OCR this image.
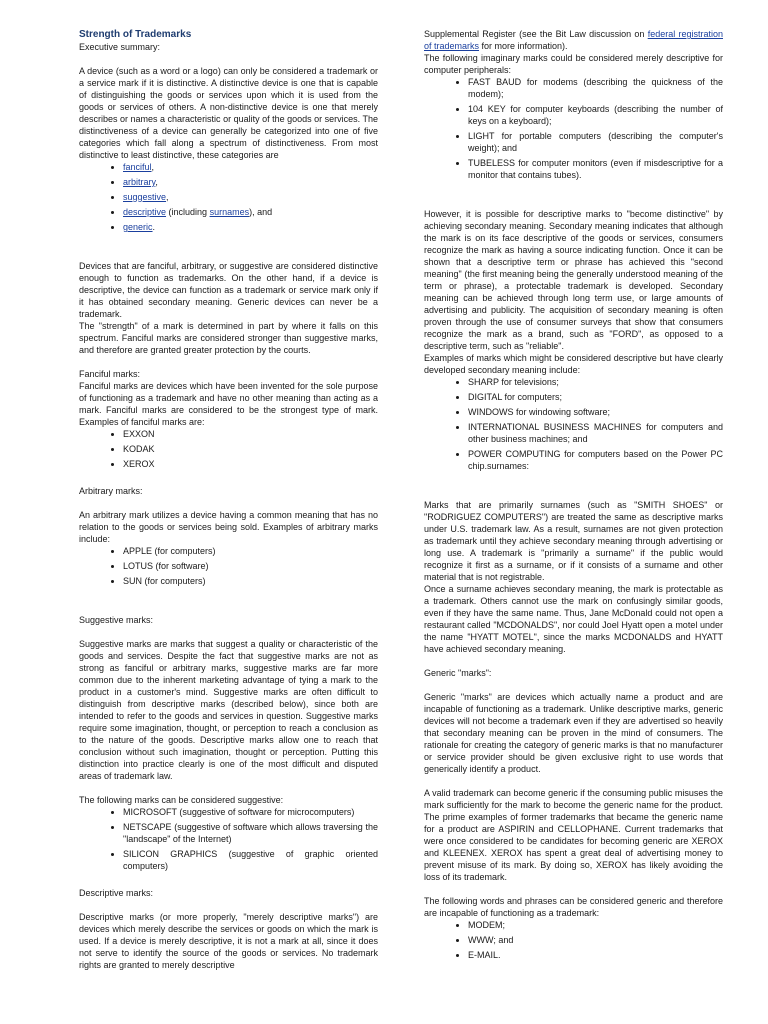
Strength of Trademarks

Executive summary:

A device (such as a word or a logo) can only be considered a trademark or a service mark if it is distinctive. A distinctive device is one that is capable of distinguishing the goods or services upon which it is used from the goods or services of others. A non-distinctive device is one that merely describes or names a characteristic or quality of the goods or services. The distinctiveness of a device can generally be categorized into one of five categories which fall along a spectrum of distinctiveness. From most distinctive to least distinctive, these categories are

• fanciful,
• arbitrary,
• suggestive,
• descriptive (including surnames), and
• generic.

Devices that are fanciful, arbitrary, or suggestive are considered distinctive enough to function as trademarks. On the other hand, if a device is descriptive, the device can function as a trademark or service mark only if it has obtained secondary meaning. Generic devices can never be a trademark.

The "strength" of a mark is determined in part by where it falls on this spectrum. Fanciful marks are considered stronger than suggestive marks, and therefore are granted greater protection by the courts.

Fanciful marks:

Fanciful marks are devices which have been invented for the sole purpose of functioning as a trademark and have no other meaning than acting as a mark. Fanciful marks are considered to be the strongest type of mark. Examples of fanciful marks are:

• EXXON
• KODAK
• XEROX

Arbitrary marks:

An arbitrary mark utilizes a device having a common meaning that has no relation to the goods or services being sold. Examples of arbitrary marks include:

• APPLE (for computers)
• LOTUS (for software)
• SUN (for computers)

Suggestive marks:

Suggestive marks are marks that suggest a quality or characteristic of the goods and services. Despite the fact that suggestive marks are not as strong as fanciful or arbitrary marks, suggestive marks are far more common due to the inherent marketing advantage of tying a mark to the product in a customer's mind. Suggestive marks are often difficult to distinguish from descriptive marks (described below), since both are intended to refer to the goods and services in question. Suggestive marks require some imagination, thought, or perception to reach a conclusion as to the nature of the goods. Descriptive marks allow one to reach that conclusion without such imagination, thought or perception. Putting this distinction into practice clearly is one of the most difficult and disputed areas of trademark law.

The following marks can be considered suggestive:

• MICROSOFT (suggestive of software for microcomputers)
• NETSCAPE (suggestive of software which allows traversing the "landscape" of the Internet)
• SILICON GRAPHICS (suggestive of graphic oriented computers)

Descriptive marks:

Descriptive marks (or more properly, "merely descriptive marks") are devices which merely describe the services or goods on which the mark is used. If a device is merely descriptive, it is not a mark at all, since it does not serve to identify the source of the goods or services. No trademark rights are granted to merely descriptive

Supplemental Register (see the Bit Law discussion on federal registration of trademarks for more information).

The following imaginary marks could be considered merely descriptive for computer peripherals:

• FAST BAUD for modems (describing the quickness of the modem);
• 104 KEY for computer keyboards (describing the number of keys on a keyboard);
• LIGHT for portable computers (describing the computer's weight); and
• TUBELESS for computer monitors (even if misdescriptive for a monitor that contains tubes).

However, it is possible for descriptive marks to "become distinctive" by achieving secondary meaning. Secondary meaning indicates that although the mark is on its face descriptive of the goods or services, consumers recognize the mark as having a source indicating function. Once it can be shown that a descriptive term or phrase has achieved this "second meaning" (the first meaning being the generally understood meaning of the term or phrase), a protectable trademark is developed. Secondary meaning can be achieved through long term use, or large amounts of advertising and publicity. The acquisition of secondary meaning is often proven through the use of consumer surveys that show that consumers recognize the mark as a brand, such as "FORD", as opposed to a descriptive term, such as "reliable".

Examples of marks which might be considered descriptive but have clearly developed secondary meaning include:

• SHARP for televisions;
• DIGITAL for computers;
• WINDOWS for windowing software;
• INTERNATIONAL BUSINESS MACHINES for computers and other business machines; and
• POWER COMPUTING for computers based on the Power PC chip.surnames:

Marks that are primarily surnames (such as "SMITH SHOES" or "RODRIGUEZ COMPUTERS") are treated the same as descriptive marks under U.S. trademark law. As a result, surnames are not given protection as trademark until they achieve secondary meaning through advertising or long use. A trademark is "primarily a surname" if the public would recognize it first as a surname, or if it consists of a surname and other material that is not registrable.

Once a surname achieves secondary meaning, the mark is protectable as a trademark. Others cannot use the mark on confusingly similar goods, even if they have the same name. Thus, Jane McDonald could not open a restaurant called "MCDONALDS", nor could Joel Hyatt open a motel under the name "HYATT MOTEL", since the marks MCDONALDS and HYATT have achieved secondary meaning.

Generic "marks":

Generic "marks" are devices which actually name a product and are incapable of functioning as a trademark. Unlike descriptive marks, generic devices will not become a trademark even if they are advertised so heavily that secondary meaning can be proven in the mind of consumers. The rationale for creating the category of generic marks is that no manufacturer or service provider should be given exclusive right to use words that generically identify a product.

A valid trademark can become generic if the consuming public misuses the mark sufficiently for the mark to become the generic name for the product. The prime examples of former trademarks that became the generic name for a product are ASPIRIN and CELLOPHANE. Current trademarks that were once considered to be candidates for becoming generic are XEROX and KLEENEX. XEROX has spent a great deal of advertising money to prevent misuse of its mark. By doing so, XEROX has likely avoiding the loss of its trademark.

The following words and phrases can be considered generic and therefore are incapable of functioning as a trademark:

• MODEM;
• WWW; and
• E-MAIL.
